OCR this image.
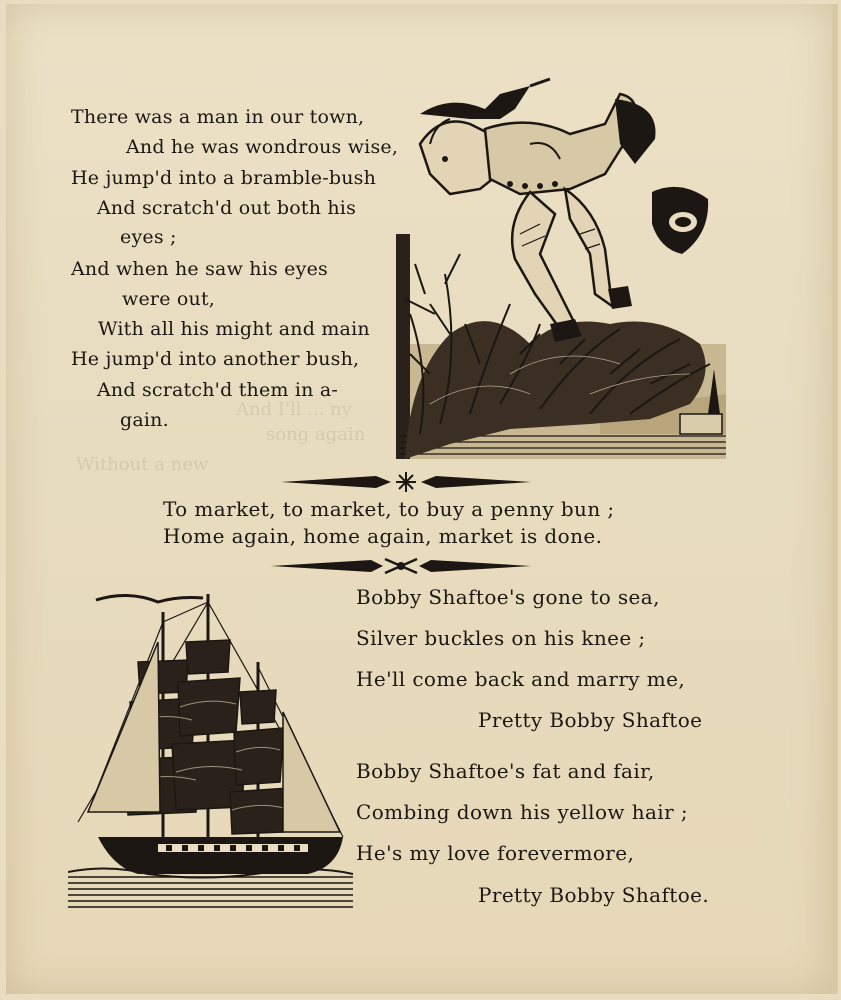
And I'll ... ny
song again
Without a new
There was a man in our town,
And he was wondrous wise,
He jump'd into a bramble-bush
And scratch'd out both his
eyes ;
And when he saw his eyes
were out,
With all his might and main
He jump'd into another bush,
And scratch'd them in a-
gain.
To market, to market, to buy a penny bun ;
Home again, home again, market is done.
Bobby Shaftoe's gone to sea,
Silver buckles on his knee ;
He'll come back and marry me,
Pretty Bobby Shaftoe
Bobby Shaftoe's fat and fair,
Combing down his yellow hair ;
He's my love forevermore,
Pretty Bobby Shaftoe.
